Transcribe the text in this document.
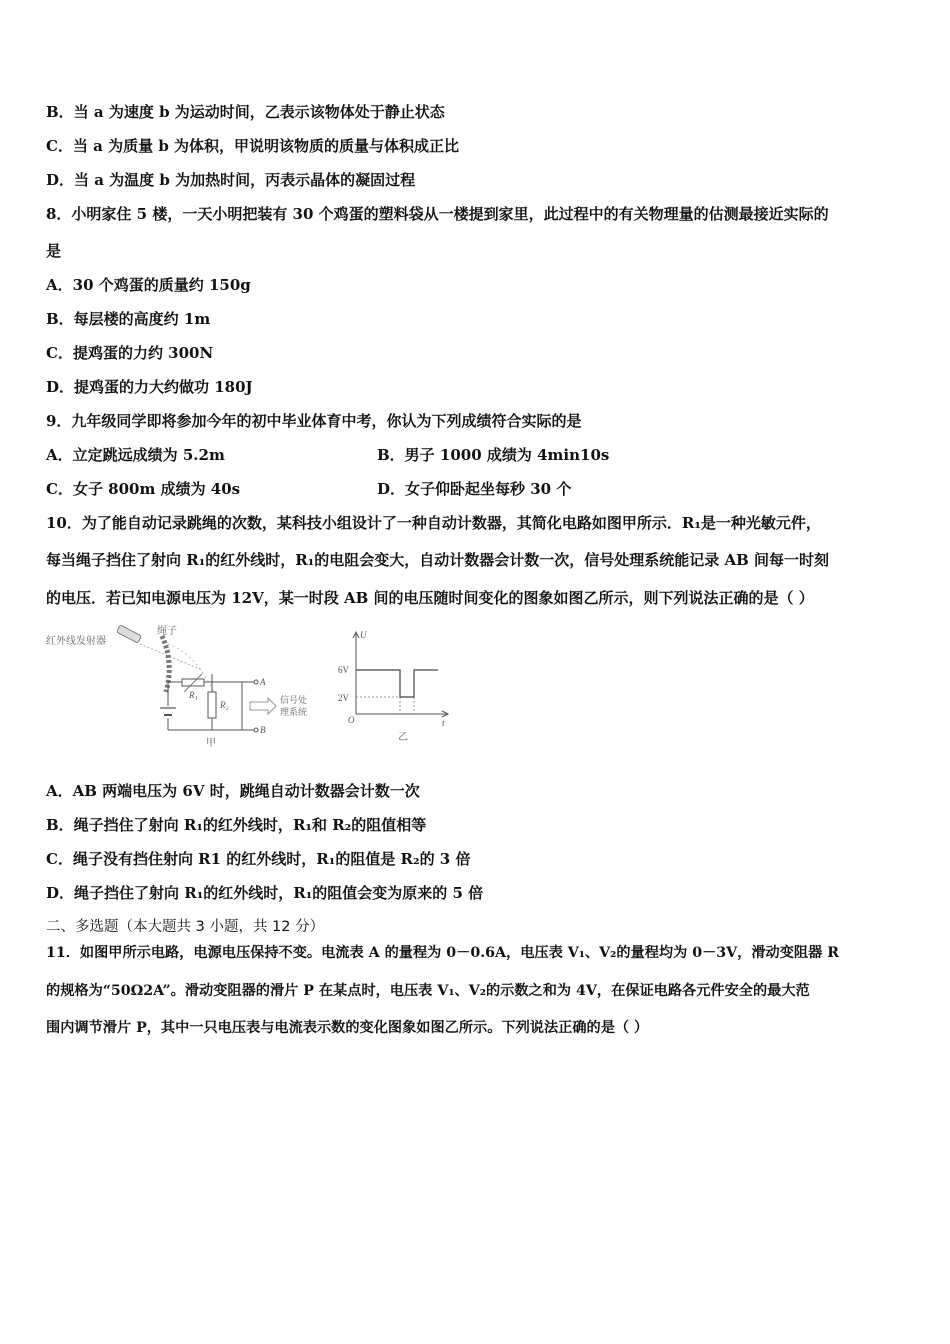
B．当 a 为速度 b 为运动时间，乙表示该物体处于静止状态
C．当 a 为质量 b 为体积，甲说明该物质的质量与体积成正比
D．当 a 为温度 b 为加热时间，丙表示晶体的凝固过程
8．小明家住 5 楼，一天小明把装有 30 个鸡蛋的塑料袋从一楼提到家里，此过程中的有关物理量的估测最接近实际的
是
A．30 个鸡蛋的质量约 150g
B．每层楼的高度约 1m
C．提鸡蛋的力约 300N
D．提鸡蛋的力大约做功 180J
9．九年级同学即将参加今年的初中毕业体育中考，你认为下列成绩符合实际的是
A．立定跳远成绩为 5.2m	B．男子 1000 成绩为 4min10s
C．女子 800m 成绩为 40s	D．女子仰卧起坐每秒 30 个
10．为了能自动记录跳绳的次数，某科技小组设计了一种自动计数器，其简化电路如图甲所示．R₁是一种光敏元件，
每当绳子挡住了射向 R₁的红外线时，R₁的电阻会变大，自动计数器会计数一次，信号处理系统能记录 AB 间每一时刻
的电压．若已知电源电压为 12V，某一时段 AB 间的电压随时间变化的图象如图乙所示，则下列说法正确的是（ ）
红外线发射器
绳子
R₁
R₂
A
B
信号处
理系统
甲
U
t
O
6V
2V
乙
A．AB 两端电压为 6V 时，跳绳自动计数器会计数一次
B．绳子挡住了射向 R₁的红外线时，R₁和 R₂的阻值相等
C．绳子没有挡住射向 R1 的红外线时，R₁的阻值是 R₂的 3 倍
D．绳子挡住了射向 R₁的红外线时，R₁的阻值会变为原来的 5 倍
二、多选题（本大题共 3 小题，共 12 分）
11．如图甲所示电路，电源电压保持不变。电流表 A 的量程为 0－0.6A，电压表 V₁、V₂的量程均为 0－3V，滑动变阻器 R
的规格为“50Ω2A”。滑动变阻器的滑片 P 在某点时，电压表 V₁、V₂的示数之和为 4V，在保证电路各元件安全的最大范
围内调节滑片 P，其中一只电压表与电流表示数的变化图象如图乙所示。下列说法正确的是（ ）
